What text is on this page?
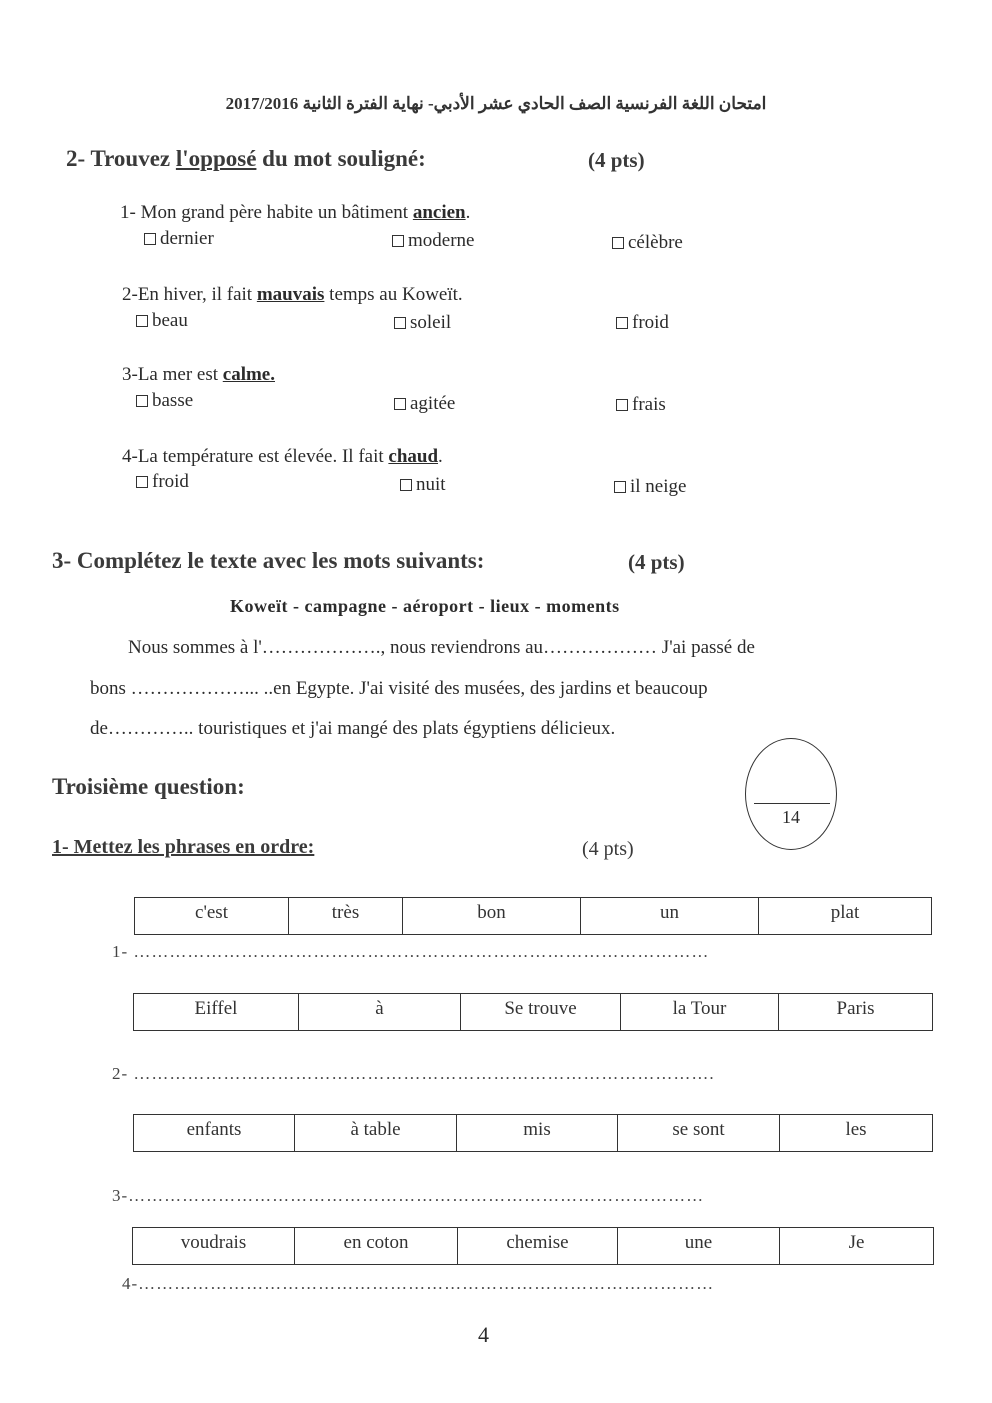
امتحان اللغة الفرنسية الصف الحادي عشر الأدبي- نهاية الفترة الثانية 2017/2016
2- Trouvez l'opposé du mot souligné:	(4 pts)
1- Mon grand père habite un bâtiment ancien.
dernier	moderne	célèbre
2-En hiver, il fait mauvais temps au Koweït.
beau	soleil	froid
3-La mer est calme.
basse	agitée	frais
4-La température est élevée. Il fait chaud.
froid	nuit	il neige
3- Complétez le texte avec les mots suivants:	(4 pts)
Koweït - campagne - aéroport - lieux - moments
Nous sommes à l'………………., nous reviendrons au……………… J'ai passé de
bons ………………... ..en Egypte. J'ai visité des musées, des jardins et beaucoup
de………….. touristiques et j'ai mangé des plats égyptiens délicieux.
Troisième question:
14
1- Mettez les phrases en ordre:	(4 pts)
c'est	très	bon	un	plat
1- ……………………………………………………………………………………
Eiffel	à	Se trouve	la Tour	Paris
2- …………………………………………………………………………………….
enfants	à table	mis	se sont	les
3-……………………………………………………………………………………
voudrais	en coton	chemise	une	Je
4-……………………………………………………………………………………
4
